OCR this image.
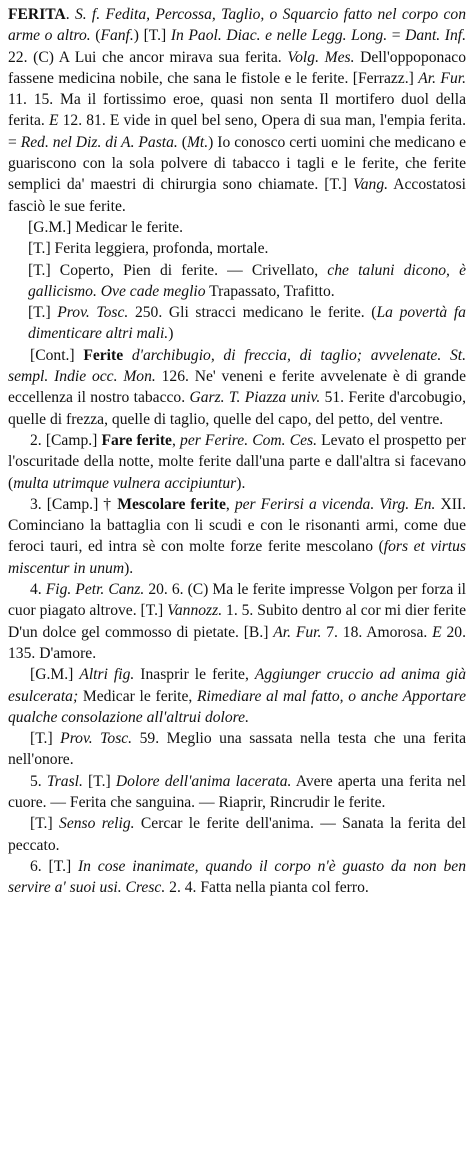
FERITA. S. f. Fedita, Percossa, Taglio, o Squarcio fatto nel corpo con arme o altro. (Fanf.) [T.] In Paol. Diac. e nelle Legg. Long. = Dant. Inf. 22. (C) A Lui che ancor mirava sua ferita. Volg. Mes. Dell'oppoponaco fassene medicina nobile, che sana le fistole e le ferite. [Ferrazz.] Ar. Fur. 11. 15. Ma il fortissimo eroe, quasi non senta Il mortifero duol della ferita. E 12. 81. E vide in quel bel seno, Opera di sua man, l'empia ferita. = Red. nel Diz. di A. Pasta. (Mt.) Io conosco certi uomini che medicano e guariscono con la sola polvere di tabacco i tagli e le ferite, che ferite semplici da' maestri di chirurgia sono chiamate. [T.] Vang. Accostatosi fasciò le sue ferite.

[G.M.] Medicar le ferite.

[T.] Ferita leggiera, profonda, mortale.

[T.] Coperto, Pien di ferite. — Crivellato, che taluni dicono, è gallicismo. Ove cade meglio Trapassato, Trafitto.

[T.] Prov. Tosc. 250. Gli stracci medicano le ferite. (La povertà fa dimenticare altri mali.)

[Cont.] Ferite d'archibugio, di freccia, di taglio; avvelenate. St. sempl. Indie occ. Mon. 126. Ne' veneni e ferite avvelenate è di grande eccellenza il nostro tabacco. Garz. T. Piazza univ. 51. Ferite d'arcobugio, quelle di frezza, quelle di taglio, quelle del capo, del petto, del ventre.

2. [Camp.] Fare ferite, per Ferire. Com. Ces. Levato el prospetto per l'oscuritade della notte, molte ferite dall'una parte e dall'altra si facevano (multa utrimque vulnera accipiuntur).

3. [Camp.] † Mescolare ferite, per Ferirsi a vicenda. Virg. En. XII. Cominciano la battaglia con li scudi e con le risonanti armi, come due feroci tauri, ed intra sè con molte forze ferite mescolano (fors et virtus miscentur in unum).

4. Fig. Petr. Canz. 20. 6. (C) Ma le ferite impresse Volgon per forza il cuor piagato altrove. [T.] Vannozz. 1. 5. Subito dentro al cor mi dier ferite D'un dolce gel commosso di pietate. [B.] Ar. Fur. 7. 18. Amorosa. E 20. 135. D'amore.

[G.M.] Altri fig. Inasprir le ferite, Aggiunger cruccio ad anima già esulcerata; Medicar le ferite, Rimediare al mal fatto, o anche Apportare qualche consolazione all'altrui dolore.

[T.] Prov. Tosc. 59. Meglio una sassata nella testa che una ferita nell'onore.

5. Trasl. [T.] Dolore dell'anima lacerata. Avere aperta una ferita nel cuore. — Ferita che sanguina. — Riaprir, Rincrudir le ferite.

[T.] Senso relig. Cercar le ferite dell'anima. — Sanata la ferita del peccato.

6. [T.] In cose inanimate, quando il corpo n'è guasto da non ben servire a' suoi usi. Cresc. 2. 4. Fatta nella pianta col ferro.
